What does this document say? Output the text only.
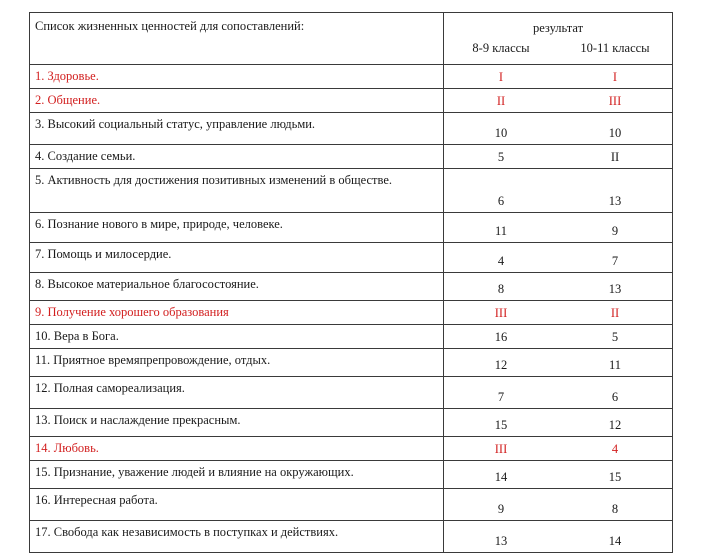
Список жизненных ценностей для сопоставлений:	результат
8-9 классы 10-11 классы

1. Здоровье.	I I

2. Общение.	II III

3. Высокий социальный статус, управление людьми.	10 10

4. Создание семьи.	5 II

5. Активность для достижения позитивных изменений в обществе.	6 13

6. Познание нового в мире, природе, человеке.	11 9

7. Помощь и милосердие.	4 7

8. Высокое материальное благосостояние.	8 13

9. Получение хорошего образования	III II

10. Вера в Бога.	16 5

11. Приятное времяпрепровождение, отдых.	12 11

12. Полная самореализация.	7 6

13. Поиск и наслаждение прекрасным.	15 12

14. Любовь.	III 4

15. Признание, уважение людей и влияние на окружающих.	14 15

16. Интересная работа.	9 8

17. Свобода как независимость в поступках и действиях.	13 14
